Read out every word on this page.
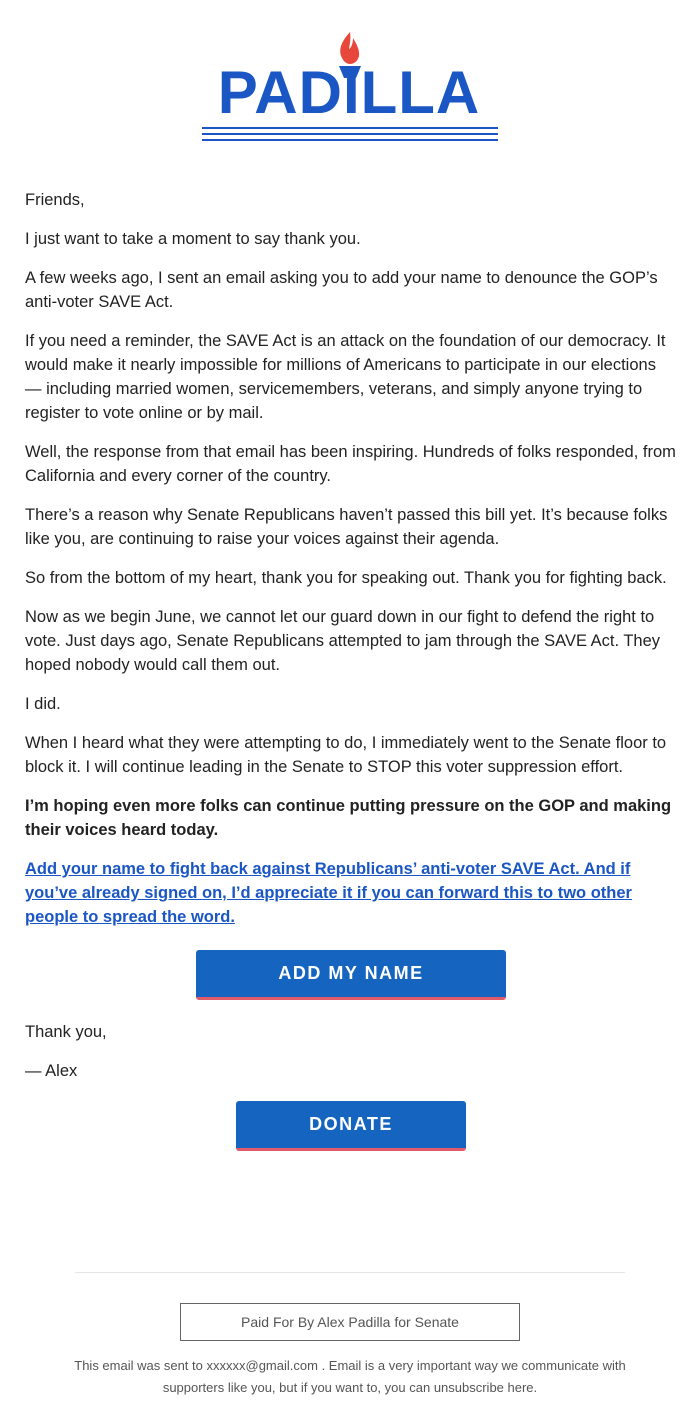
PADILLA

Friends,

I just want to take a moment to say thank you.

A few weeks ago, I sent an email asking you to add your name to denounce the GOP’s anti-voter SAVE Act.

If you need a reminder, the SAVE Act is an attack on the foundation of our democracy. It would make it nearly impossible for millions of Americans to participate in our elections — including married women, servicemembers, veterans, and simply anyone trying to register to vote online or by mail.

Well, the response from that email has been inspiring. Hundreds of folks responded, from California and every corner of the country.

There’s a reason why Senate Republicans haven’t passed this bill yet. It’s because folks like you, are continuing to raise your voices against their agenda.

So from the bottom of my heart, thank you for speaking out. Thank you for fighting back.

Now as we begin June, we cannot let our guard down in our fight to defend the right to vote. Just days ago, Senate Republicans attempted to jam through the SAVE Act. They hoped nobody would call them out.

I did.

When I heard what they were attempting to do, I immediately went to the Senate floor to block it. I will continue leading in the Senate to STOP this voter suppression effort.

I’m hoping even more folks can continue putting pressure on the GOP and making their voices heard today.

Add your name to fight back against Republicans’ anti-voter SAVE Act. And if you’ve already signed on, I’d appreciate it if you can forward this to two other people to spread the word.
ADD MY NAME

Thank you,

— Alex

DONATE
Paid For By Alex Padilla for Senate
This email was sent to xxxxxx@gmail.com . Email is a very important way we communicate with supporters like you, but if you want to, you can unsubscribe here.
